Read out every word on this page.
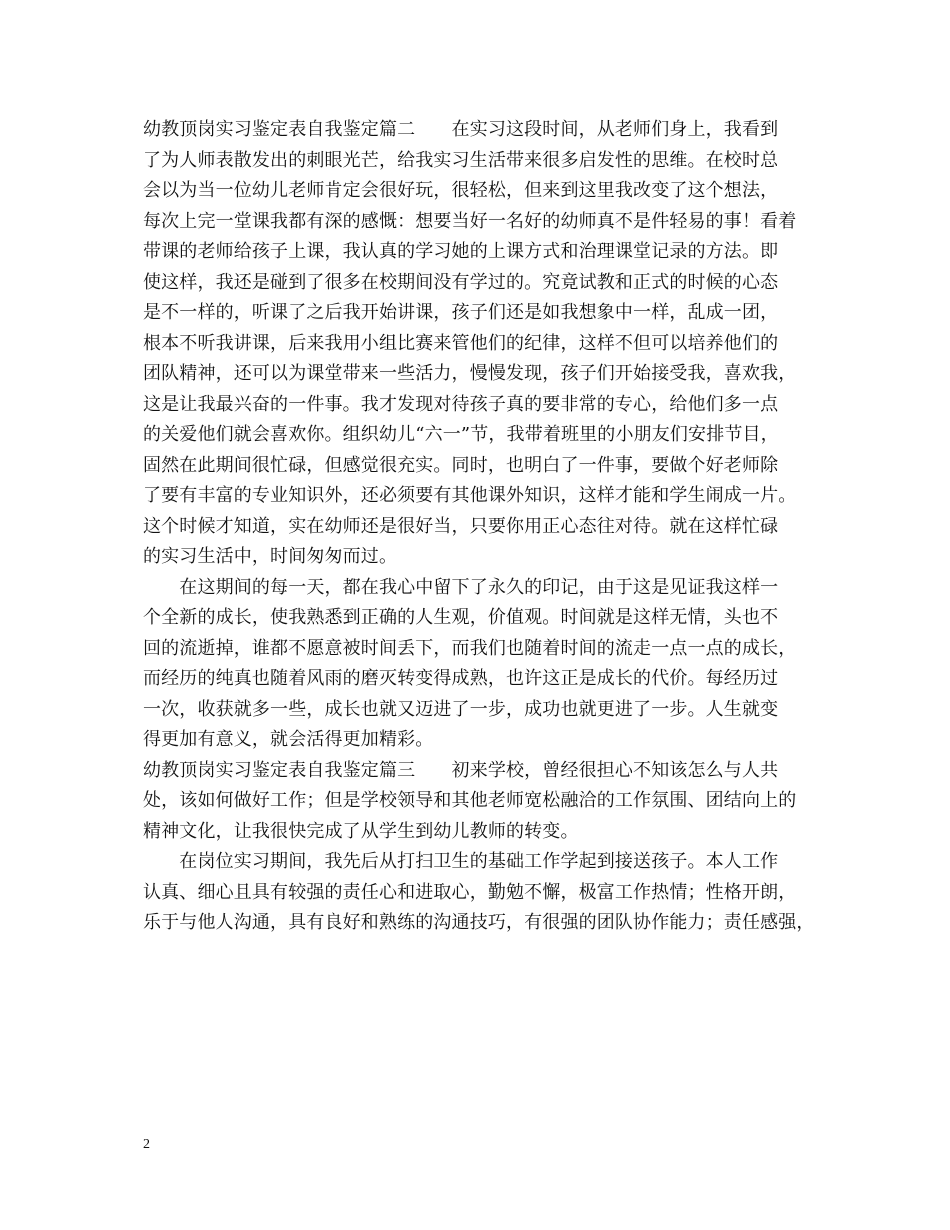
幼教顶岗实习鉴定表自我鉴定篇二　　在实习这段时间，从老师们身上，我看到
了为人师表散发出的刺眼光芒，给我实习生活带来很多启发性的思维。在校时总
会以为当一位幼儿老师肯定会很好玩，很轻松，但来到这里我改变了这个想法，
每次上完一堂课我都有深的感慨：想要当好一名好的幼师真不是件轻易的事！看着
带课的老师给孩子上课，我认真的学习她的上课方式和治理课堂记录的方法。即
使这样，我还是碰到了很多在校期间没有学过的。究竟试教和正式的时候的心态
是不一样的，听课了之后我开始讲课，孩子们还是如我想象中一样，乱成一团，
根本不听我讲课，后来我用小组比赛来管他们的纪律，这样不但可以培养他们的
团队精神，还可以为课堂带来一些活力，慢慢发现，孩子们开始接受我，喜欢我，
这是让我最兴奋的一件事。我才发现对待孩子真的要非常的专心，给他们多一点
的关爱他们就会喜欢你。组织幼儿“六一”节，我带着班里的小朋友们安排节目，
固然在此期间很忙碌，但感觉很充实。同时，也明白了一件事，要做个好老师除
了要有丰富的专业知识外，还必须要有其他课外知识，这样才能和学生闹成一片。
这个时候才知道，实在幼师还是很好当，只要你用正心态往对待。就在这样忙碌
的实习生活中，时间匆匆而过。
　　在这期间的每一天，都在我心中留下了永久的印记，由于这是见证我这样一
个全新的成长，使我熟悉到正确的人生观，价值观。时间就是这样无情，头也不
回的流逝掉，谁都不愿意被时间丢下，而我们也随着时间的流走一点一点的成长，
而经历的纯真也随着风雨的磨灭转变得成熟，也许这正是成长的代价。每经历过
一次，收获就多一些，成长也就又迈进了一步，成功也就更进了一步。人生就变
得更加有意义，就会活得更加精彩。
幼教顶岗实习鉴定表自我鉴定篇三　　初来学校，曾经很担心不知该怎么与人共
处，该如何做好工作；但是学校领导和其他老师宽松融洽的工作氛围、团结向上的
精神文化，让我很快完成了从学生到幼儿教师的转变。
　　在岗位实习期间，我先后从打扫卫生的基础工作学起到接送孩子。本人工作
认真、细心且具有较强的责任心和进取心，勤勉不懈，极富工作热情；性格开朗，
乐于与他人沟通，具有良好和熟练的沟通技巧，有很强的团队协作能力；责任感强，
2
